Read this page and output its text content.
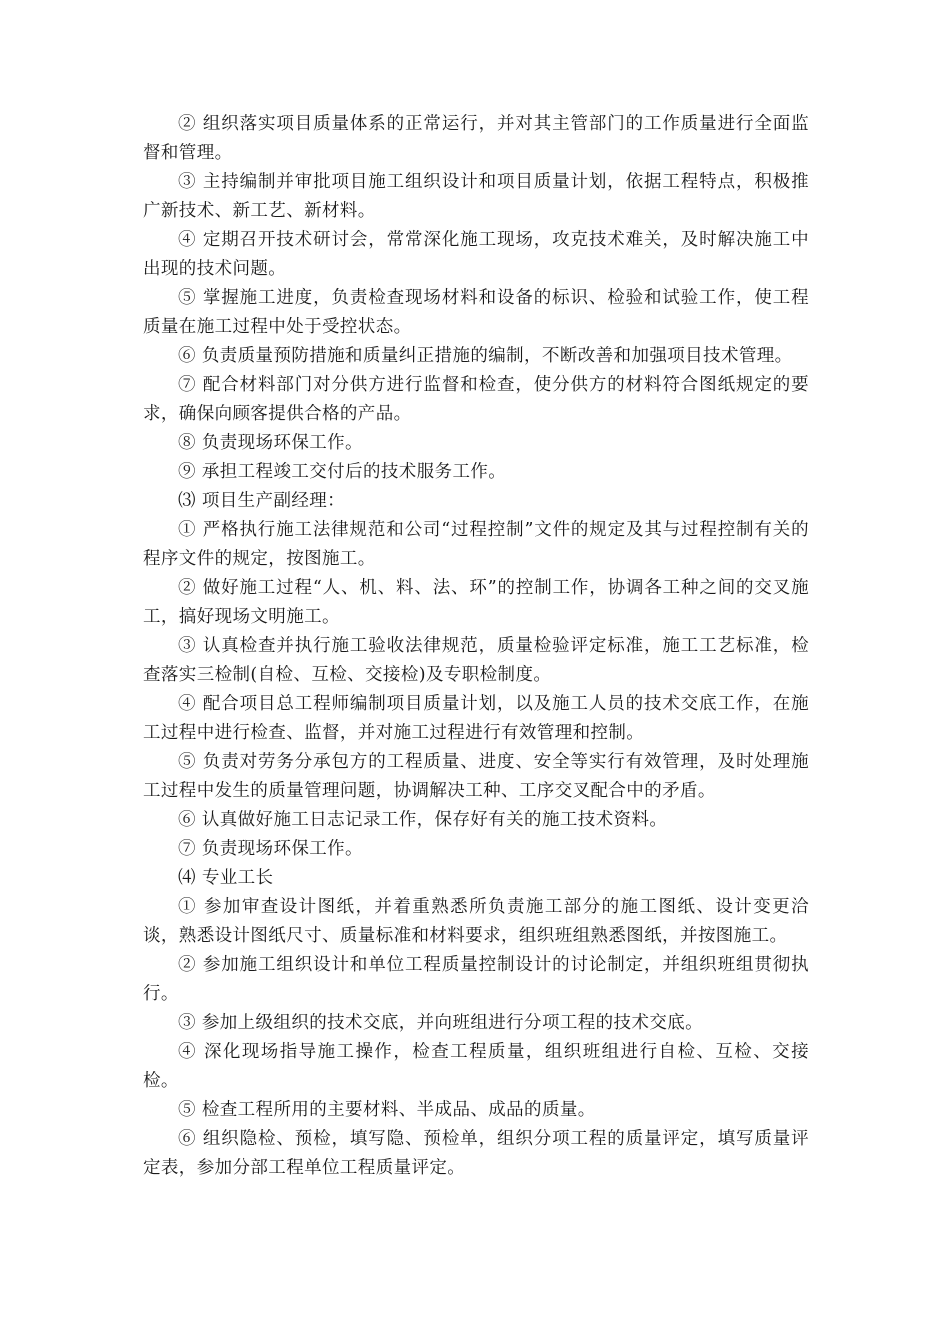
② 组织落实项目质量体系的正常运行，并对其主管部门的工作质量进行全面监督和管理。

③ 主持编制并审批项目施工组织设计和项目质量计划，依据工程特点，积极推广新技术、新工艺、新材料。

④ 定期召开技术研讨会，常常深化施工现场，攻克技术难关，及时解决施工中出现的技术问题。

⑤ 掌握施工进度，负责检查现场材料和设备的标识、检验和试验工作，使工程质量在施工过程中处于受控状态。

⑥ 负责质量预防措施和质量纠正措施的编制，不断改善和加强项目技术管理。

⑦ 配合材料部门对分供方进行监督和检查，使分供方的材料符合图纸规定的要求，确保向顾客提供合格的产品。

⑧ 负责现场环保工作。

⑨ 承担工程竣工交付后的技术服务工作。

⑶ 项目生产副经理：

① 严格执行施工法律规范和公司“过程控制”文件的规定及其与过程控制有关的程序文件的规定，按图施工。

② 做好施工过程“人、机、料、法、环”的控制工作，协调各工种之间的交叉施工，搞好现场文明施工。

③ 认真检查并执行施工验收法律规范，质量检验评定标准，施工工艺标准，检查落实三检制(自检、互检、交接检)及专职检制度。

④ 配合项目总工程师编制项目质量计划，以及施工人员的技术交底工作，在施工过程中进行检查、监督，并对施工过程进行有效管理和控制。

⑤ 负责对劳务分承包方的工程质量、进度、安全等实行有效管理，及时处理施工过程中发生的质量管理问题，协调解决工种、工序交叉配合中的矛盾。

⑥ 认真做好施工日志记录工作，保存好有关的施工技术资料。

⑦ 负责现场环保工作。

⑷ 专业工长

① 参加审查设计图纸，并着重熟悉所负责施工部分的施工图纸、设计变更洽谈，熟悉设计图纸尺寸、质量标准和材料要求，组织班组熟悉图纸，并按图施工。

② 参加施工组织设计和单位工程质量控制设计的讨论制定，并组织班组贯彻执行。

③ 参加上级组织的技术交底，并向班组进行分项工程的技术交底。

④ 深化现场指导施工操作，检查工程质量，组织班组进行自检、互检、交接检。

⑤ 检查工程所用的主要材料、半成品、成品的质量。

⑥ 组织隐检、预检，填写隐、预检单，组织分项工程的质量评定，填写质量评定表，参加分部工程单位工程质量评定。
